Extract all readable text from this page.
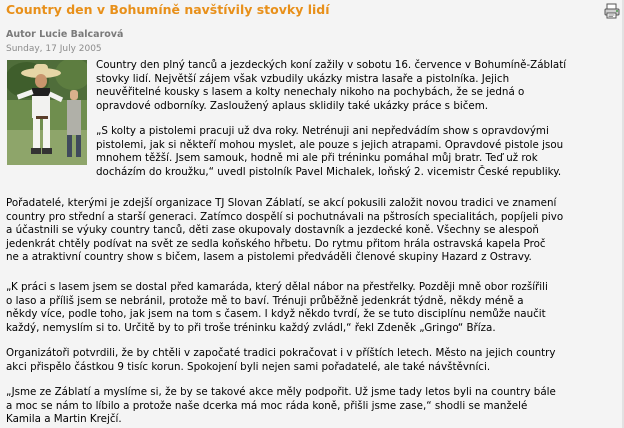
Country den v Bohumíně navštívily stovky lidí
Autor Lucie Balcarová
Sunday, 17 July 2005
Country den plný tanců a jezdeckých koní zažily v sobotu 16. července v Bohumíně-Záblatí
stovky lidí. Největší zájem však vzbudily ukázky mistra lasaře a pistolníka. Jejich
neuvěřitelné kousky s lasem a kolty nenechaly nikoho na pochybách, že se jedná o
opravdové odborníky. Zasloužený aplaus sklidily také ukázky práce s bičem.
„S kolty a pistolemi pracuji už dva roky. Netrénuji ani nepředvádím show s opravdovými
pistolemi, jak si někteří mohou myslet, ale pouze s jejich atrapami. Opravdové pistole jsou
mnohem těžší. Jsem samouk, hodně mi ale při tréninku pomáhal můj bratr. Teď už rok
docházím do kroužku,“ uvedl pistolník Pavel Michalek, loňský 2. vicemistr České republiky.
Pořadatelé, kterými je zdejší organizace TJ Slovan Záblatí, se akcí pokusili založit novou tradici ve znamení
country pro střední a starší generaci. Zatímco dospělí si pochutnávali na pštrosích specialitách, popíjeli pivo
a účastnili se výuky country tanců, děti zase okupovaly dostavník a jezdecké koně. Všechny se alespoň
jedenkrát chtěly podívat na svět ze sedla koňského hřbetu. Do rytmu přitom hrála ostravská kapela Proč
ne a atraktivní country show s bičem, lasem a pistolemi předváděli členové skupiny Hazard z Ostravy.
„K práci s lasem jsem se dostal před kamaráda, který dělal nábor na přestřelky. Později mně obor rozšířili
o laso a příliš jsem se nebránil, protože mě to baví. Trénuji průběžně jedenkrát týdně, někdy méně a
někdy více, podle toho, jak jsem na tom s časem. I když někdo tvrdí, že se tuto disciplínu nemůže naučit
každý, nemyslím si to. Určitě by to při troše tréninku každý zvládl,“ řekl Zdeněk „Gringo“ Bříza.
Organizátoři potvrdili, že by chtěli v započaté tradici pokračovat i v příštích letech. Město na jejich country
akci přispělo částkou 9 tisíc korun. Spokojení byli nejen sami pořadatelé, ale také návštěvníci.
„Jsme ze Záblatí a myslíme si, že by se takové akce měly podpořit. Už jsme tady letos byli na country bále
a moc se nám to líbilo a protože naše dcerka má moc ráda koně, přišli jsme zase,“ shodli se manželé
Kamila a Martin Krejčí.
